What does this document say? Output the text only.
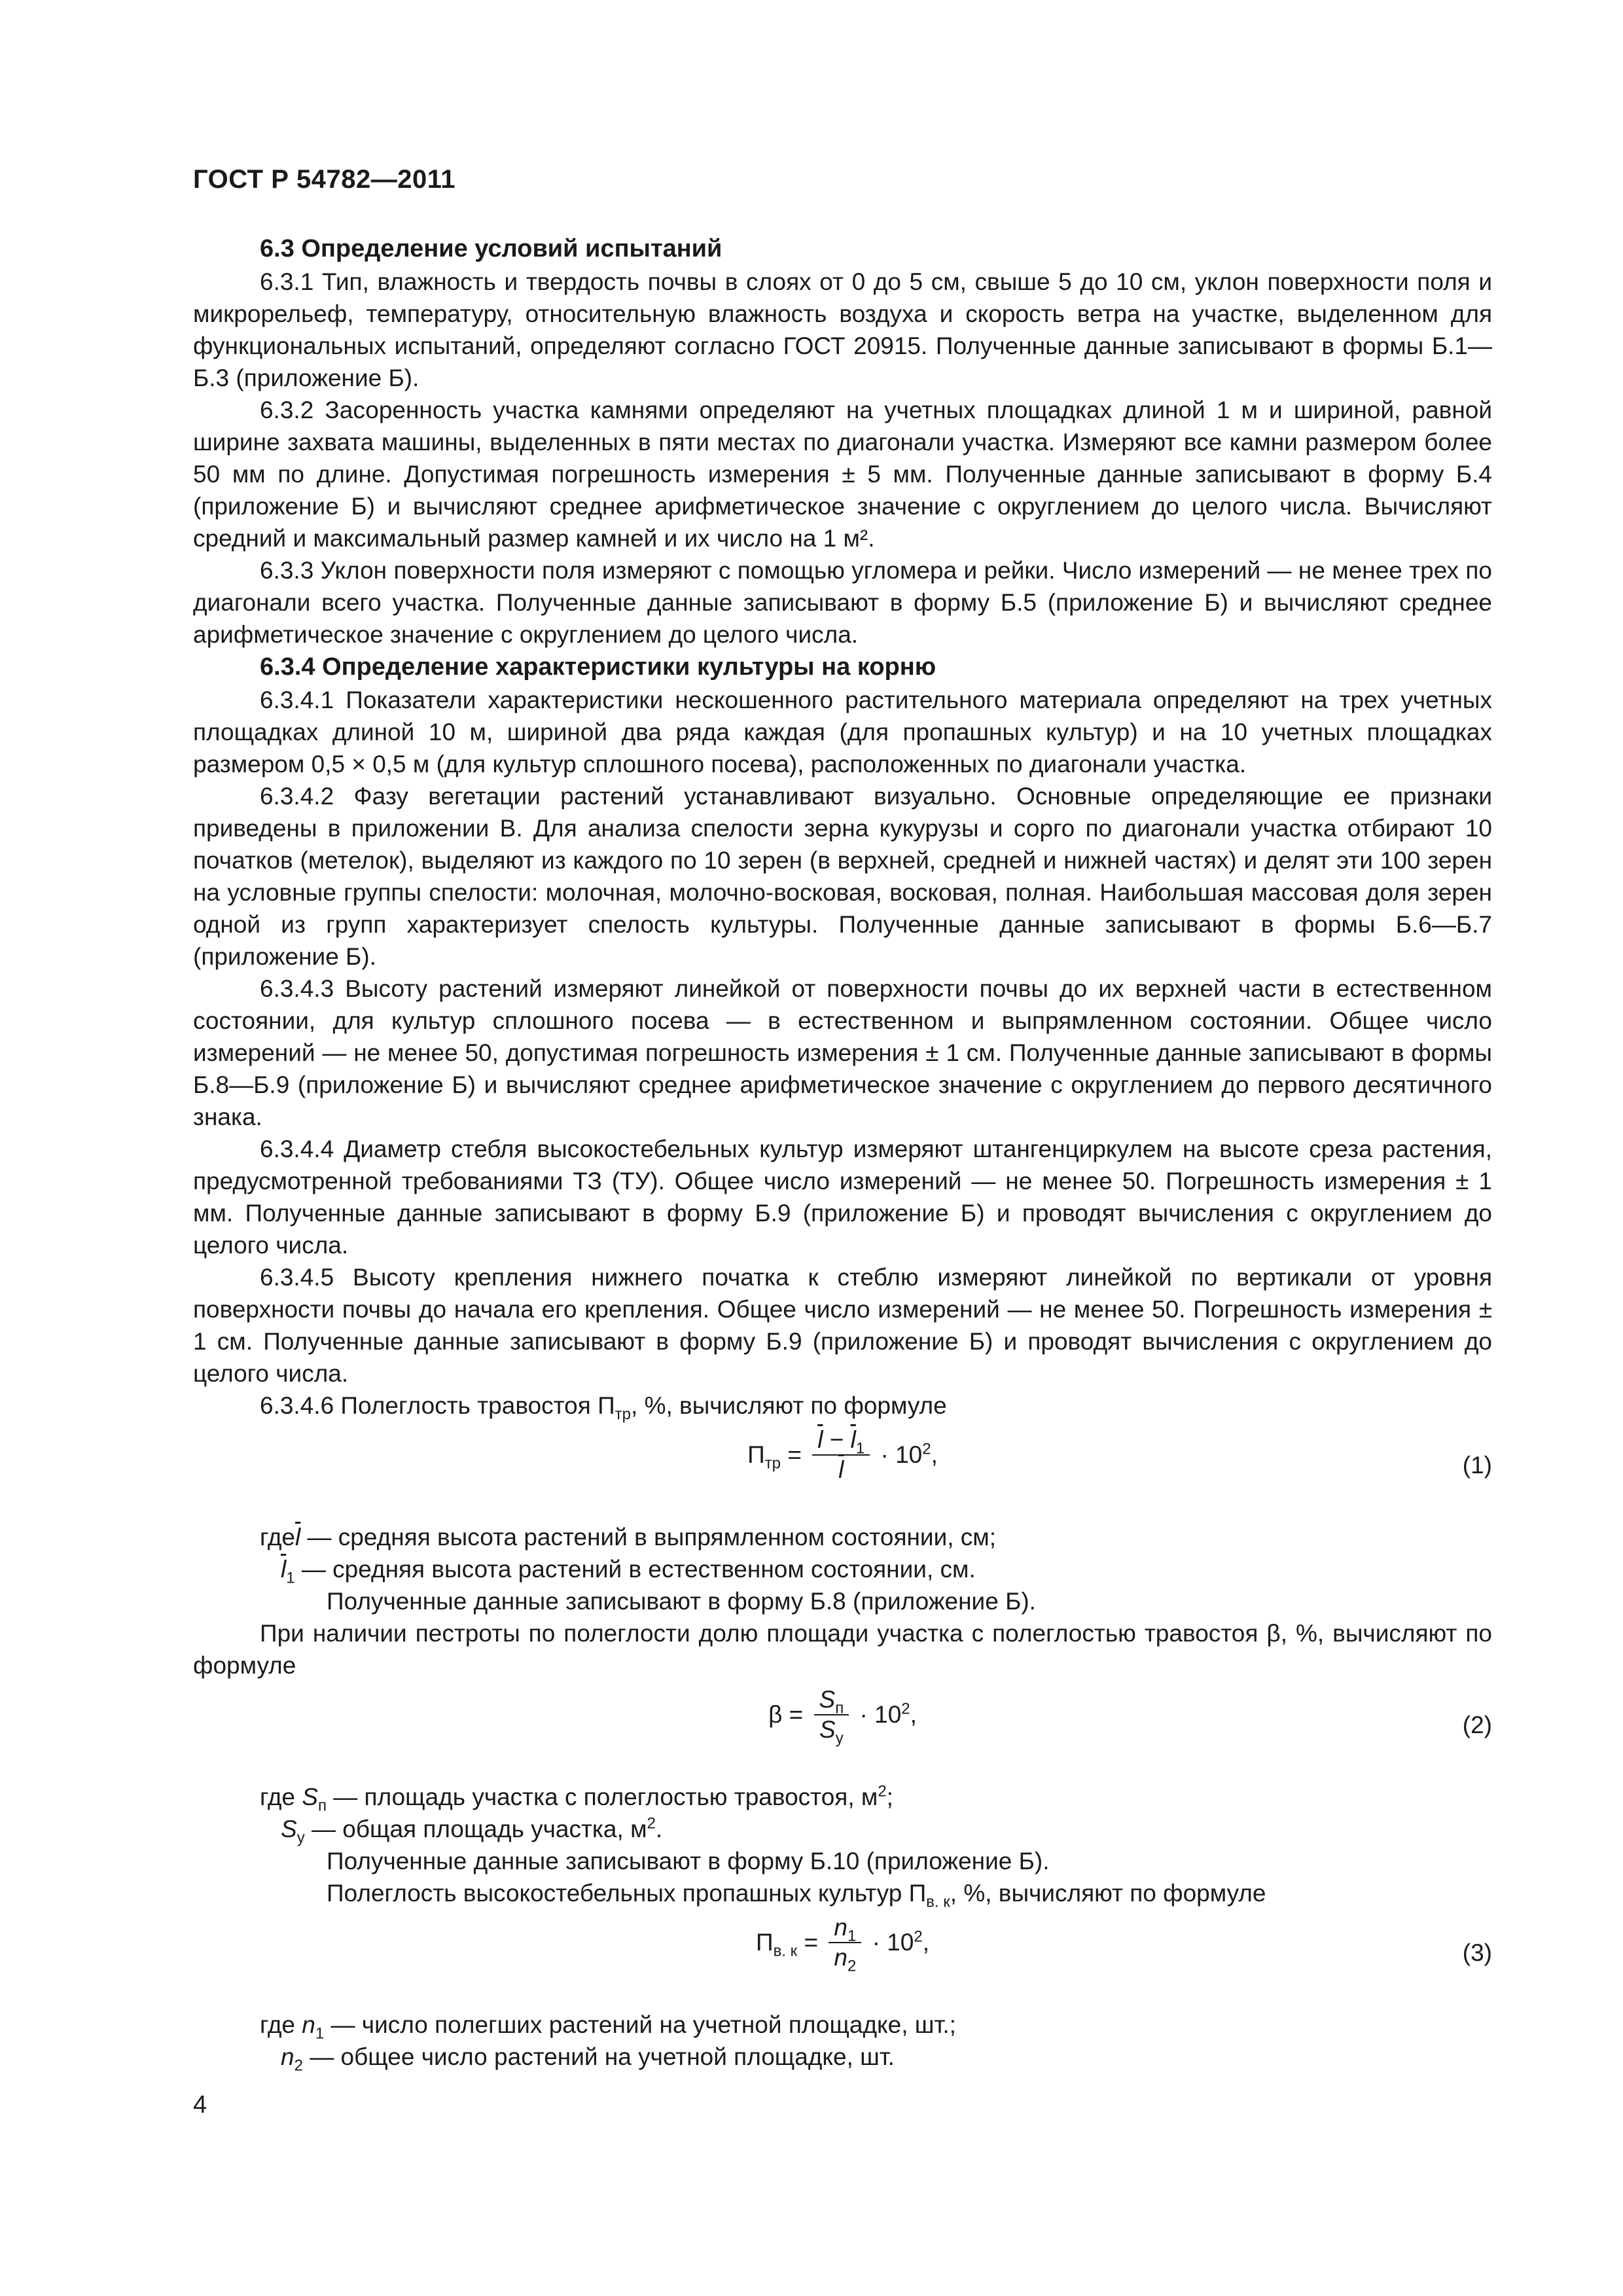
ГОСТ Р 54782—2011
6.3 Определение условий испытаний

6.3.1 Тип, влажность и твердость почвы в слоях от 0 до 5 см, свыше 5 до 10 см, уклон поверхности поля и микрорельеф, температуру, относительную влажность воздуха и скорость ветра на участке, выделенном для функциональных испытаний, определяют согласно ГОСТ 20915. Полученные данные записывают в формы Б.1—Б.3 (приложение Б).

6.3.2 Засоренность участка камнями определяют на учетных площадках длиной 1 м и шириной, равной ширине захвата машины, выделенных в пяти местах по диагонали участка. Измеряют все камни размером более 50 мм по длине. Допустимая погрешность измерения ± 5 мм. Полученные данные записывают в форму Б.4 (приложение Б) и вычисляют среднее арифметическое значение с округлением до целого числа. Вычисляют средний и максимальный размер камней и их число на 1 м².

6.3.3 Уклон поверхности поля измеряют с помощью угломера и рейки. Число измерений — не менее трех по диагонали всего участка. Полученные данные записывают в форму Б.5 (приложение Б) и вычисляют среднее арифметическое значение с округлением до целого числа.

6.3.4 Определение характеристики культуры на корню

6.3.4.1 Показатели характеристики нескошенного растительного материала определяют на трех учетных площадках длиной 10 м, шириной два ряда каждая (для пропашных культур) и на 10 учетных площадках размером 0,5 × 0,5 м (для культур сплошного посева), расположенных по диагонали участка.

6.3.4.2 Фазу вегетации растений устанавливают визуально. Основные определяющие ее признаки приведены в приложении В. Для анализа спелости зерна кукурузы и сорго по диагонали участка отбирают 10 початков (метелок), выделяют из каждого по 10 зерен (в верхней, средней и нижней частях) и делят эти 100 зерен на условные группы спелости: молочная, молочно-восковая, восковая, полная. Наибольшая массовая доля зерен одной из групп характеризует спелость культуры. Полученные данные записывают в формы Б.6—Б.7 (приложение Б).

6.3.4.3 Высоту растений измеряют линейкой от поверхности почвы до их верхней части в естественном состоянии, для культур сплошного посева — в естественном и выпрямленном состоянии. Общее число измерений — не менее 50, допустимая погрешность измерения ± 1 см. Полученные данные записывают в формы Б.8—Б.9 (приложение Б) и вычисляют среднее арифметическое значение с округлением до первого десятичного знака.

6.3.4.4 Диаметр стебля высокостебельных культур измеряют штангенциркулем на высоте среза растения, предусмотренной требованиями ТЗ (ТУ). Общее число измерений — не менее 50. Погрешность измерения ± 1 мм. Полученные данные записывают в форму Б.9 (приложение Б) и проводят вычисления с округлением до целого числа.

6.3.4.5 Высоту крепления нижнего початка к стеблю измеряют линейкой по вертикали от уровня поверхности почвы до начала его крепления. Общее число измерений — не менее 50. Погрешность измерения ± 1 см. Полученные данные записывают в форму Б.9 (приложение Б) и проводят вычисления с округлением до целого числа.

6.3.4.6 Полеглость травостоя $П_{тр}$, %, вычисляют по формуле

$П_{тр} = \frac{\overline{l} - \overline{l}_1}{l} \cdot 10^2$,	(1)

$где\overline{l}$ — средняя высота растений в выпрямленном состоянии, см;

$\overline{l}_1$ — средняя высота растений в естественном состоянии, см.

Полученные данные записывают в форму Б.8 (приложение Б).

При наличии пестроты по полеглости долю площади участка с полеглостью травостоя β, %, вычисляют по формуле

$\beta = \frac{S_п}{S_у} \cdot 10^2$,	(2)

где $S_п$ — площадь участка с полеглостью травостоя, $м^2$;

$S_у$ — общая площадь участка, $м^2$.

Полученные данные записывают в форму Б.10 (приложение Б).

Полеглость высокостебельных пропашных культур $П_{в. к}$, %, вычисляют по формуле

$П_{в. к} = \frac{n_1}{n_2} \cdot 10^2$,	(3)

где $n_1$ — число полегших растений на учетной площадке, шт.;

$n_2$ — общее число растений на учетной площадке, шт.

4
